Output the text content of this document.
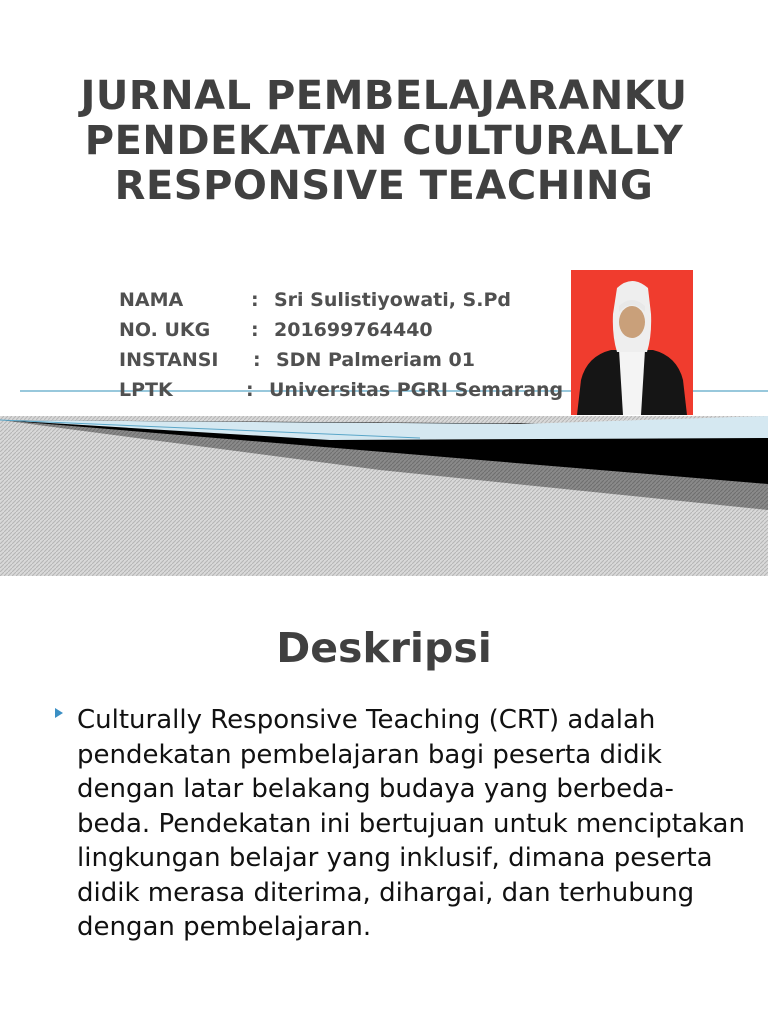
JURNAL PEMBELAJARANKU
PENDEKATAN CULTURALLY
RESPONSIVE TEACHING
NAMA	: Sri Sulistiyowati, S.Pd
NO. UKG : 201699764440
INSTANSI : SDN Palmeriam 01
LPTK	: Universitas PGRI Semarang
Deskripsi
Culturally Responsive Teaching (CRT) adalah pendekatan pembelajaran bagi peserta didik dengan latar belakang budaya yang berbeda-beda. Pendekatan ini bertujuan untuk menciptakan lingkungan belajar yang inklusif, dimana peserta didik merasa diterima, dihargai, dan terhubung dengan pembelajaran.
